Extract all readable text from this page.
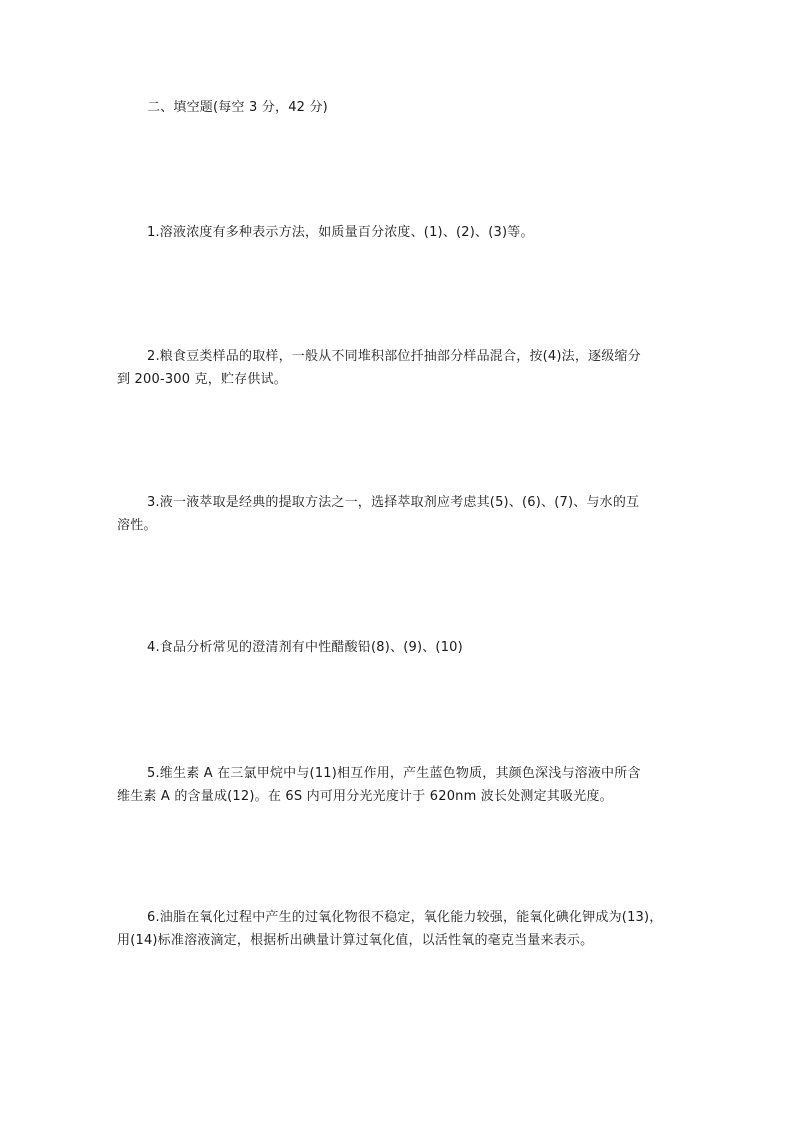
二、填空题(每空 3 分，42 分)
1.溶液浓度有多种表示方法，如质量百分浓度、(1)、(2)、(3)等。
2.粮食豆类样品的取样，一般从不同堆积部位扦抽部分样品混合，按(4)法，逐级缩分
到 200-300 克，贮存供试。
3.液一液萃取是经典的提取方法之一，选择萃取剂应考虑其(5)、(6)、(7)、与水的互
溶性。
4.食品分析常见的澄清剂有中性醋酸铅(8)、(9)、(10)
5.维生素 A 在三氯甲烷中与(11)相互作用，产生蓝色物质，其颜色深浅与溶液中所含
维生素 A 的含量成(12)。在 6S 内可用分光光度计于 620nm 波长处测定其吸光度。
6.油脂在氧化过程中产生的过氧化物很不稳定，氧化能力较强，能氧化碘化钾成为(13)，
用(14)标准溶液滴定，根据析出碘量计算过氧化值，以活性氧的毫克当量来表示。
